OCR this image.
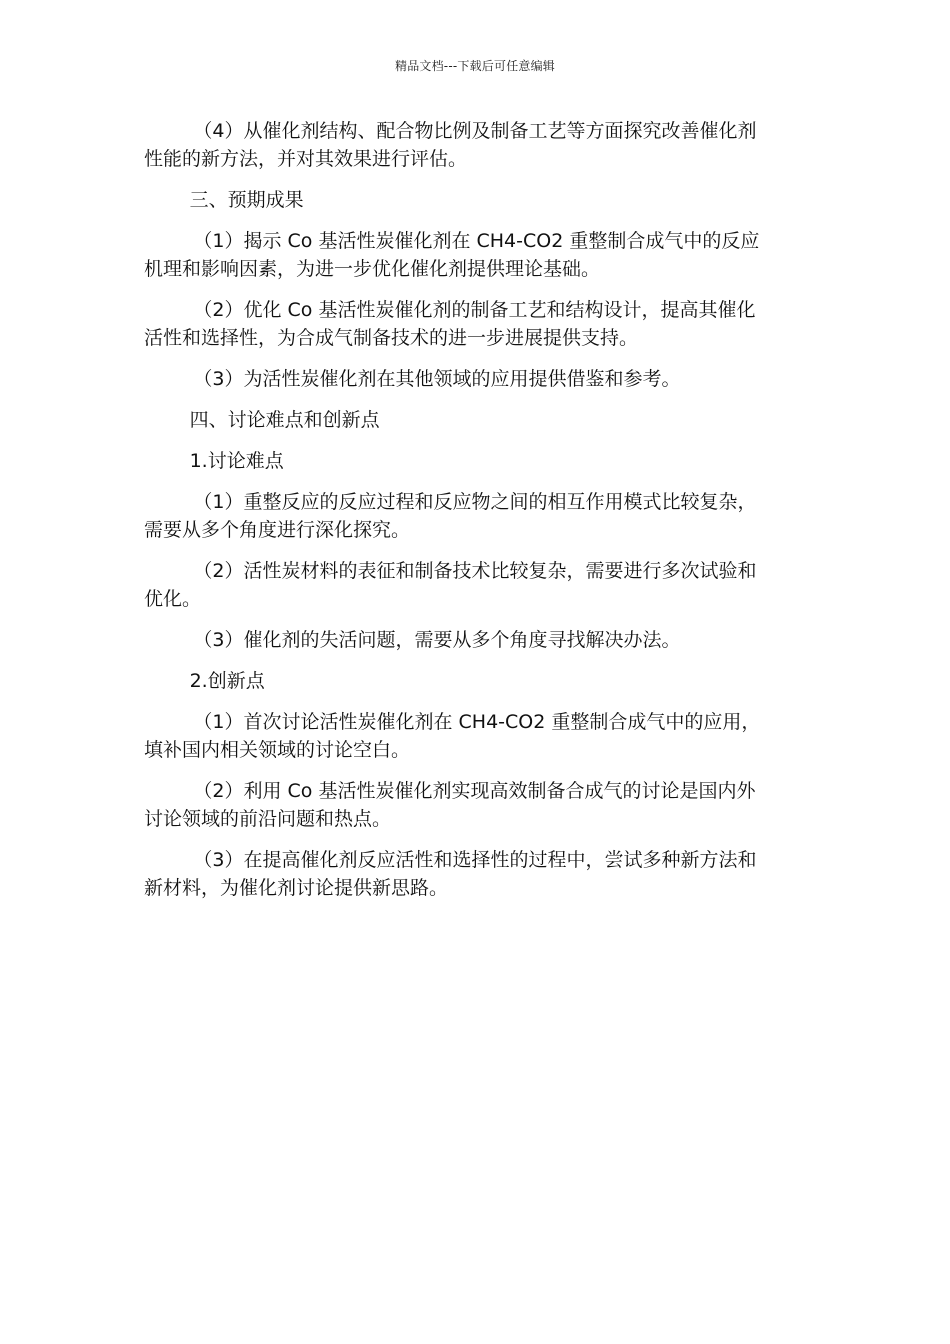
精品文档---下载后可任意编辑

（4）从催化剂结构、配合物比例及制备工艺等方面探究改善催化剂
性能的新方法，并对其效果进行评估。

三、预期成果

（1）揭示 Co 基活性炭催化剂在 CH4-CO2 重整制合成气中的反应
机理和影响因素，为进一步优化催化剂提供理论基础。

（2）优化 Co 基活性炭催化剂的制备工艺和结构设计，提高其催化
活性和选择性，为合成气制备技术的进一步进展提供支持。

（3）为活性炭催化剂在其他领域的应用提供借鉴和参考。

四、讨论难点和创新点

1.讨论难点

（1）重整反应的反应过程和反应物之间的相互作用模式比较复杂，
需要从多个角度进行深化探究。

（2）活性炭材料的表征和制备技术比较复杂，需要进行多次试验和
优化。

（3）催化剂的失活问题，需要从多个角度寻找解决办法。

2.创新点

（1）首次讨论活性炭催化剂在 CH4-CO2 重整制合成气中的应用，
填补国内相关领域的讨论空白。

（2）利用 Co 基活性炭催化剂实现高效制备合成气的讨论是国内外
讨论领域的前沿问题和热点。

（3）在提高催化剂反应活性和选择性的过程中，尝试多种新方法和
新材料，为催化剂讨论提供新思路。
